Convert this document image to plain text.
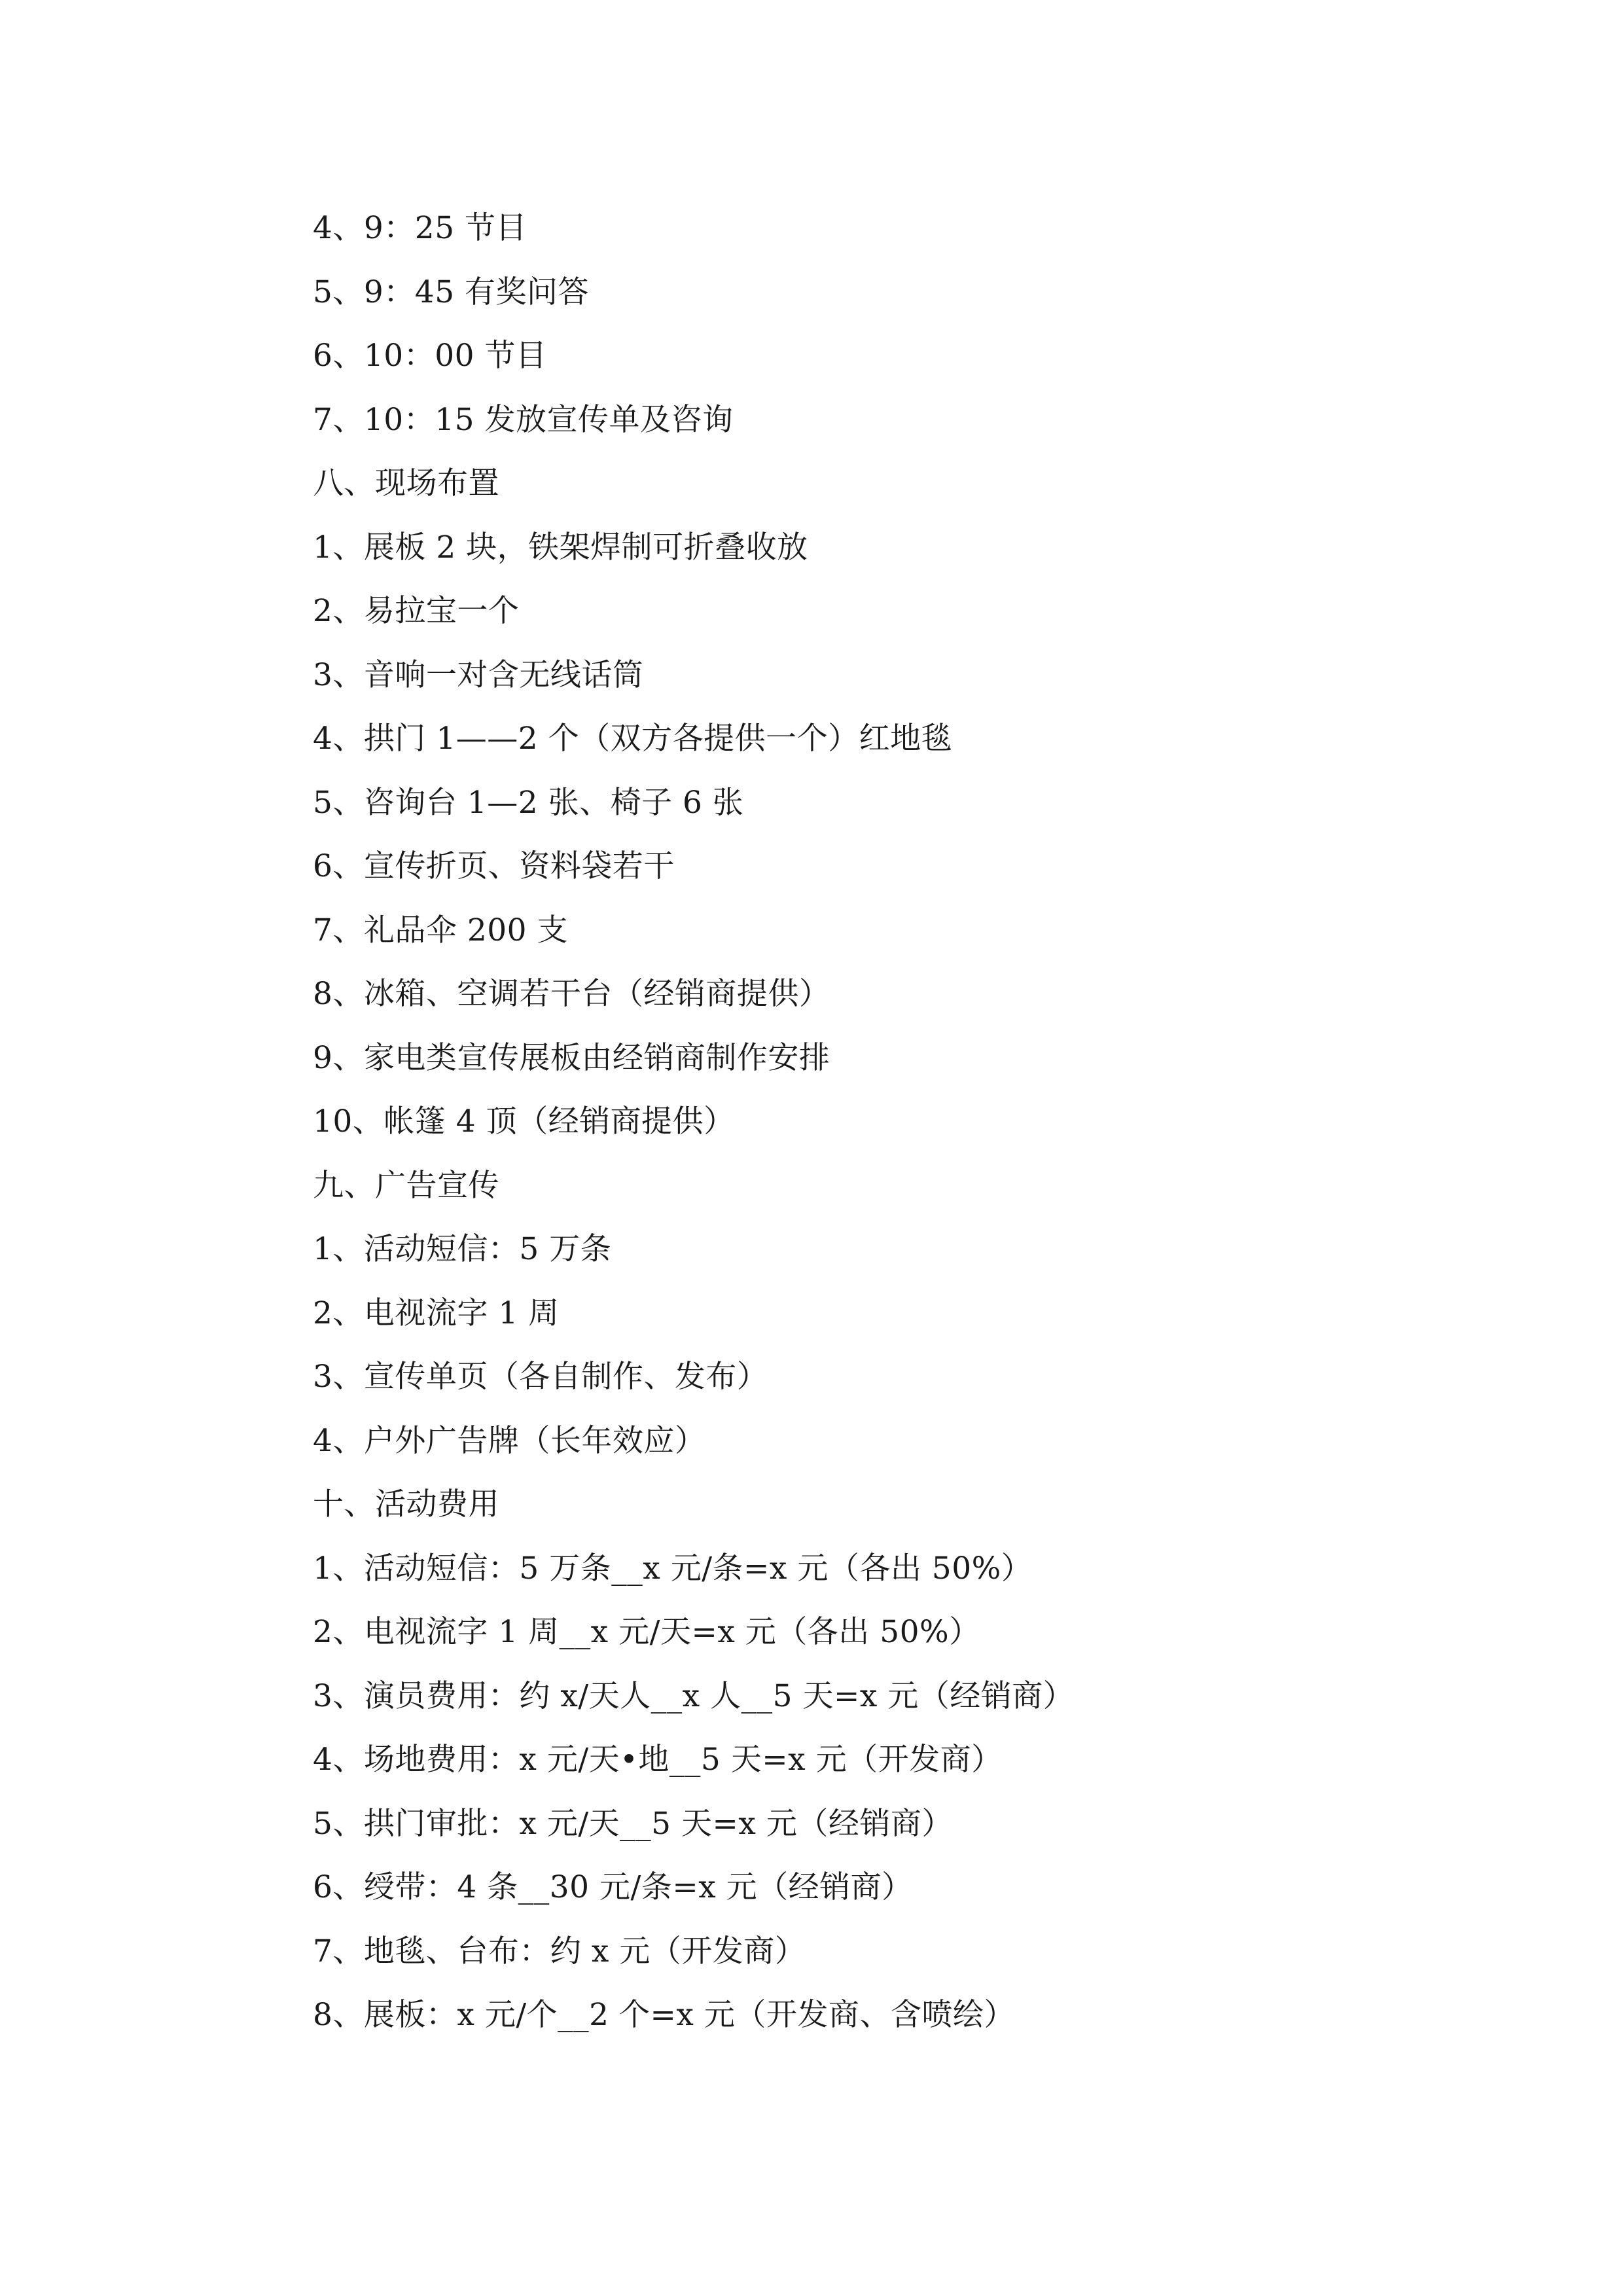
4、9：25 节目
5、9：45 有奖问答
6、10：00 节目
7、10：15 发放宣传单及咨询
八、现场布置
1、展板 2 块，铁架焊制可折叠收放
2、易拉宝一个
3、音响一对含无线话筒
4、拱门 1——2 个（双方各提供一个）红地毯
5、咨询台 1—2 张、椅子 6 张
6、宣传折页、资料袋若干
7、礼品伞 200 支
8、冰箱、空调若干台（经销商提供）
9、家电类宣传展板由经销商制作安排
10、帐篷 4 顶（经销商提供）
九、广告宣传
1、活动短信：5 万条
2、电视流字 1 周
3、宣传单页（各自制作、发布）
4、户外广告牌（长年效应）
十、活动费用
1、活动短信：5 万条__x 元/条=x 元（各出 50%）
2、电视流字 1 周__x 元/天=x 元（各出 50%）
3、演员费用：约 x/天人__x 人__5 天=x 元（经销商）
4、场地费用：x 元/天•地__5 天=x 元（开发商）
5、拱门审批：x 元/天__5 天=x 元（经销商）
6、绶带：4 条__30 元/条=x 元（经销商）
7、地毯、台布：约 x 元（开发商）
8、展板：x 元/个__2 个=x 元（开发商、含喷绘）
